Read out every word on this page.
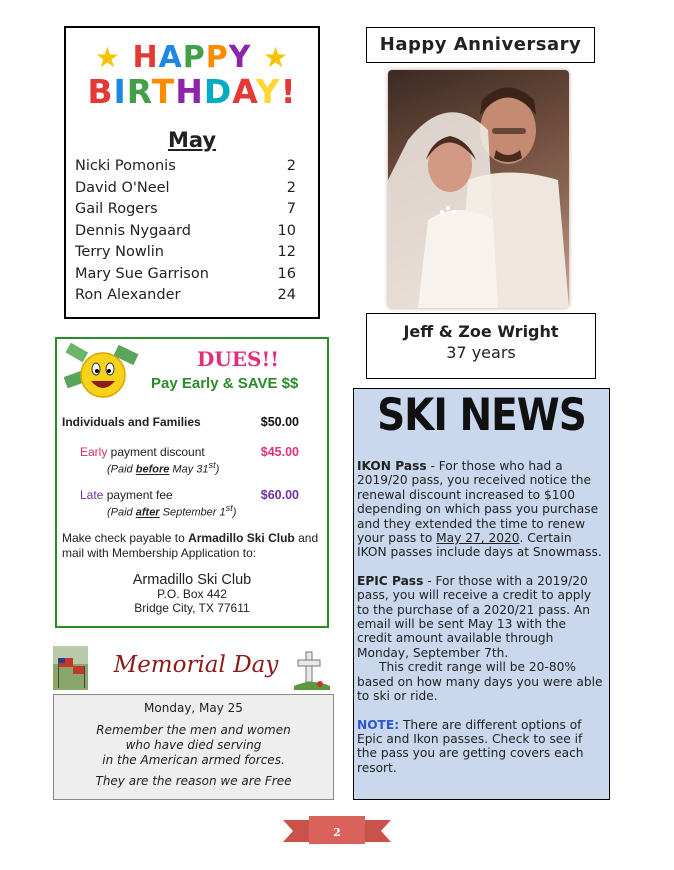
★ HAPPY ★
BIRTHDAY!
May
Nicki Pomonis	2
David O'Neel	2
Gail Rogers	7
Dennis Nygaard	10
Terry Nowlin	12
Mary Sue Garrison	16
Ron Alexander	24
Happy Anniversary
Jeff & Zoe Wright
37 years
DUES!!
Pay Early & SAVE $$
Individuals and Families	$50.00
Early payment discount	$45.00
(Paid before May 31st)
Late payment fee	$60.00
(Paid after September 1st)
Make check payable to Armadillo Ski Club and mail with Membership Application to:
Armadillo Ski Club
P.O. Box 442
Bridge City, TX 77611
Memorial Day
Monday, May 25
Remember the men and women
who have died serving
in the American armed forces.
They are the reason we are Free
SKI NEWS

IKON Pass - For those who had a 2019/20 pass, you received notice the renewal discount increased to $100 depending on which pass you purchase and they extended the time to renew your pass to May 27, 2020. Certain IKON passes include days at Snowmass.

EPIC Pass - For those with a 2019/20 pass, you will receive a credit to apply to the purchase of a 2020/21 pass. An email will be sent May 13 with the credit amount available through Monday, September 7th.

This credit range will be 20-80% based on how many days you were able to ski or ride.

NOTE: There are different options of Epic and Ikon passes. Check to see if the pass you are getting covers each resort.

2
